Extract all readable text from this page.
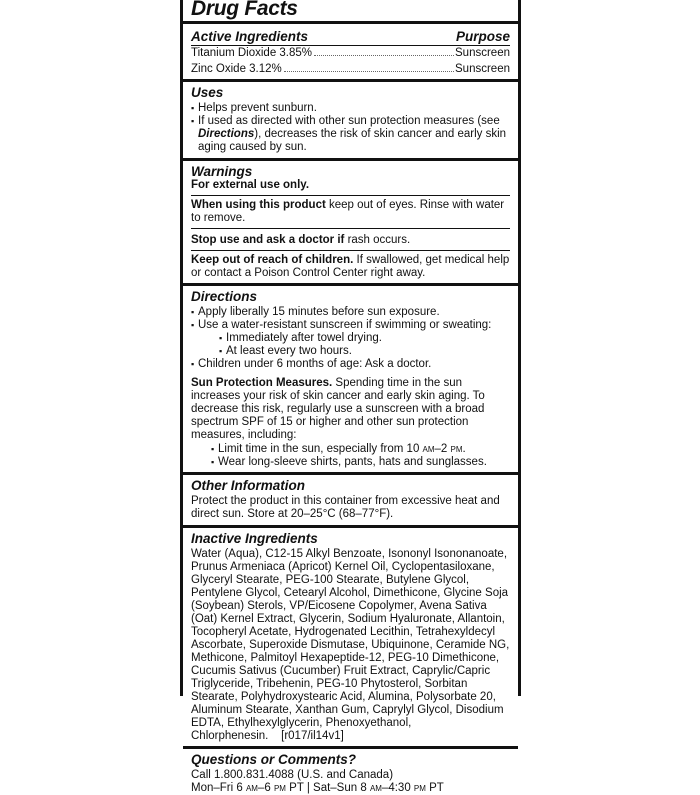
Drug Facts
Active Ingredients	Purpose
Titanium Dioxide 3.85%	Sunscreen
Zinc Oxide 3.12%	Sunscreen
Uses
▪ Helps prevent sunburn.
▪ If used as directed with other sun protection measures (see Directions), decreases the risk of skin cancer and early skin aging caused by sun.
Warnings

For external use only.

When using this product keep out of eyes. Rinse with water to remove.

Stop use and ask a doctor if rash occurs.

Keep out of reach of children. If swallowed, get medical help or contact a Poison Control Center right away.

Directions
▪ Apply liberally 15 minutes before sun exposure.
▪ Use a water-resistant sunscreen if swimming or sweating:
▪ Immediately after towel drying.
▪ At least every two hours.
▪ Children under 6 months of age: Ask a doctor.

Sun Protection Measures. Spending time in the sun increases your risk of skin cancer and early skin aging. To decrease this risk, regularly use a sunscreen with a broad spectrum SPF of 15 or higher and other sun protection measures, including:

▪ Limit time in the sun, especially from 10 AM–2 PM.
▪ Wear long-sleeve shirts, pants, hats and sunglasses.
Other Information

Protect the product in this container from excessive heat and direct sun. Store at 20–25°C (68–77°F).

Inactive Ingredients

Water (Aqua), C12-15 Alkyl Benzoate, Isononyl Isononanoate, Prunus Armeniaca (Apricot) Kernel Oil, Cyclopentasiloxane, Glyceryl Stearate, PEG-100 Stearate, Butylene Glycol, Pentylene Glycol, Cetearyl Alcohol, Dimethicone, Glycine Soja (Soybean) Sterols, VP/Eicosene Copolymer, Avena Sativa (Oat) Kernel Extract, Glycerin, Sodium Hyaluronate, Allantoin, Tocopheryl Acetate, Hydrogenated Lecithin, Tetrahexyldecyl Ascorbate, Superoxide Dismutase, Ubiquinone, Ceramide NG, Methicone, Palmitoyl Hexapeptide-12, PEG-10 Dimethicone, Cucumis Sativus (Cucumber) Fruit Extract, Caprylic/Capric Triglyceride, Tribehenin, PEG-10 Phytosterol, Sorbitan Stearate, Polyhydroxystearic Acid, Alumina, Polysorbate 20, Aluminum Stearate, Xanthan Gum, Caprylyl Glycol, Disodium EDTA, Ethylhexylglycerin, Phenoxyethanol, Chlorphenesin. [r017/il14v1]

Questions or Comments?

Call 1.800.831.4088 (U.S. and Canada)

Mon–Fri 6 AM–6 PM PT | Sat–Sun 8 AM–4:30 PM PT
